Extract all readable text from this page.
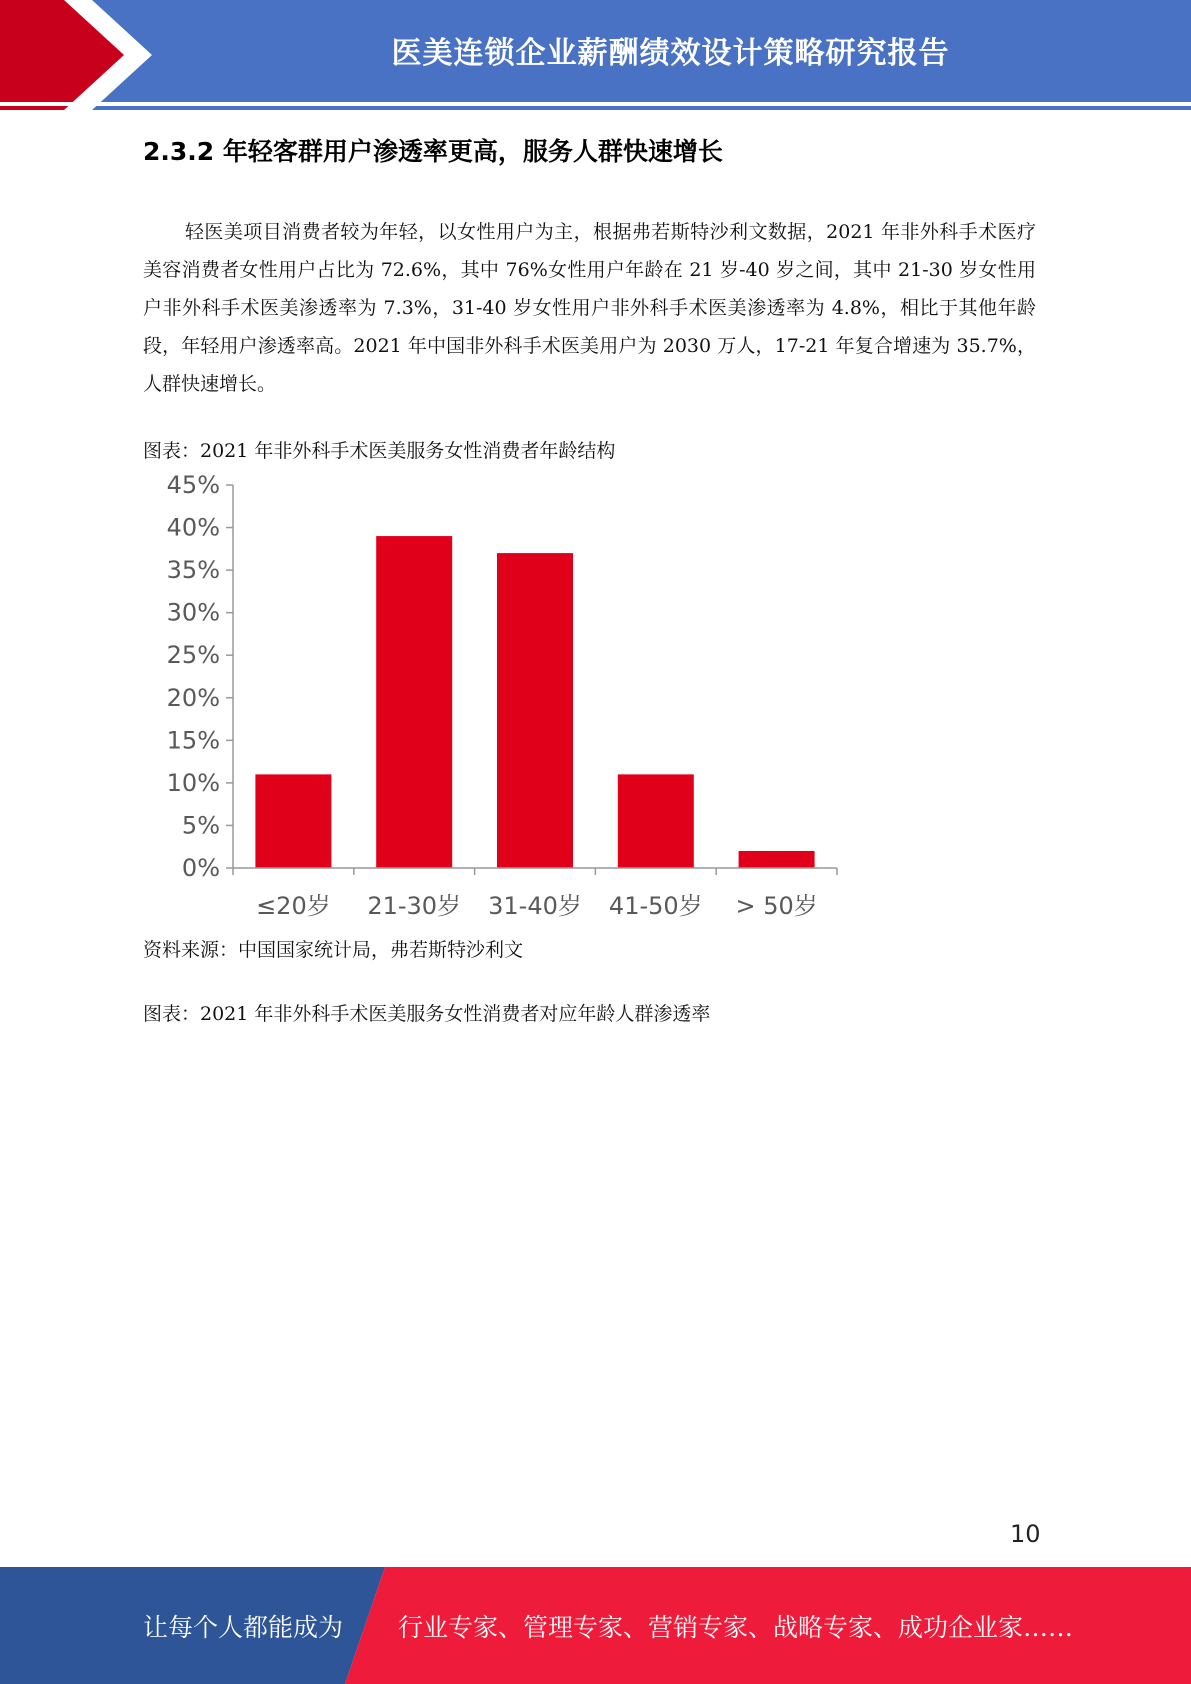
医美连锁企业薪酬绩效设计策略研究报告
2.3.2 年轻客群用户渗透率更高，服务人群快速增长

轻医美项目消费者较为年轻，以女性用户为主，根据弗若斯特沙利文数据，2021 年非外科手术医疗美容消费者女性用户占比为 72.6%，其中 76%女性用户年龄在 21 岁-40 岁之间，其中 21-30 岁女性用户非外科手术医美渗透率为 7.3%，31-40 岁女性用户非外科手术医美渗透率为 4.8%，相比于其他年龄段，年轻用户渗透率高。2021 年中国非外科手术医美用户为 2030 万人，17-21 年复合增速为 35.7%，人群快速增长。

图表：2021 年非外科手术医美服务女性消费者年龄结构
0%
5%
10%
15%
20%
25%
30%
35%
40%
45%
≤20岁 21-30岁 31-40岁 41-50岁 > 50岁
资料来源：中国国家统计局，弗若斯特沙利文
图表：2021 年非外科手术医美服务女性消费者对应年龄人群渗透率
10
让每个人都能成为 行业专家、管理专家、营销专家、战略专家、成功企业家……
